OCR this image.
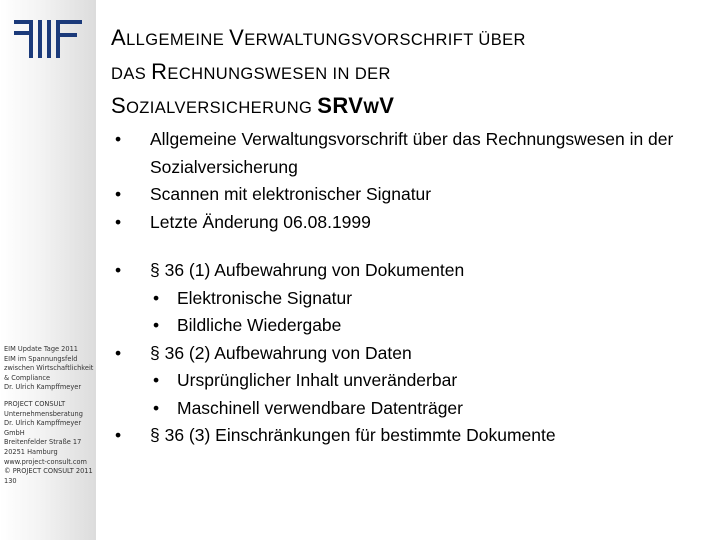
EIM Update Tage 2011
EIM im Spannungsfeld zwischen Wirtschaftlichkeit & Compliance
Dr. Ulrich Kampffmeyer
PROJECT CONSULT Unternehmensberatung
Dr. Ulrich Kampffmeyer GmbH
Breitenfelder Straße 17
20251 Hamburg
www.project-consult.com
© PROJECT CONSULT 2011
130
ALLGEMEINE VERWALTUNGSVORSCHRIFT ÜBER
DAS RECHNUNGSWESEN IN DER
SOZIALVERSICHERUNG SRVWV
•	Allgemeine Verwaltungsvorschrift über das Rechnungswesen in der Sozialversicherung
•	Scannen mit elektronischer Signatur
•	Letzte Änderung 06.08.1999
•	§ 36 (1) Aufbewahrung von Dokumenten
•	Elektronische Signatur
•	Bildliche Wiedergabe
•	§ 36 (2) Aufbewahrung von Daten
•	Ursprünglicher Inhalt unveränderbar
•	Maschinell verwendbare Datenträger
•	§ 36 (3) Einschränkungen für bestimmte Dokumente
